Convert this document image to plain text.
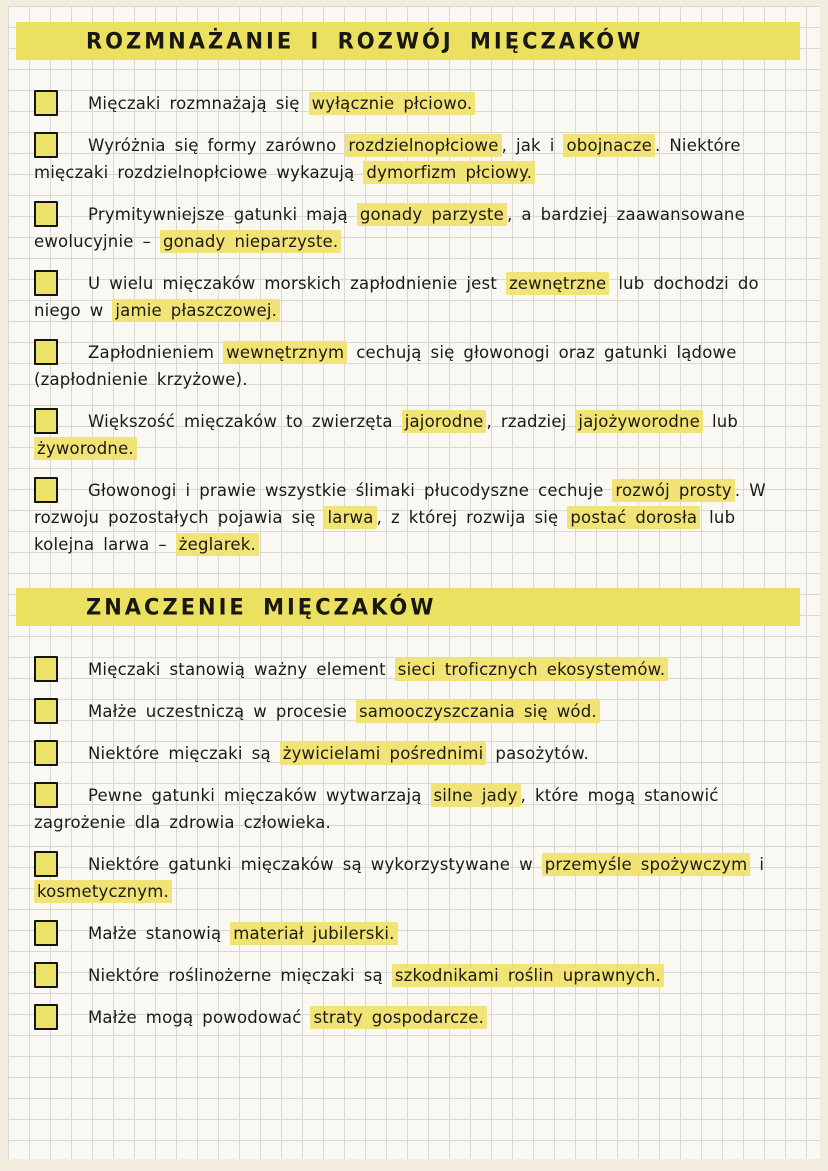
ROZMNAŻANIE I ROZWÓJ MIĘCZAKÓW
Mięczaki rozmnażają się wyłącznie płciowo.
Wyróżnia się formy zarówno rozdzielnopłciowe , jak i obojnacze . Niektóre mięczaki rozdzielnopłciowe wykazują dymorfizm płciowy.
Prymitywniejsze gatunki mają gonady parzyste , a bardziej zaawansowane ewolucyjnie – gonady nieparzyste.
U wielu mięczaków morskich zapłodnienie jest zewnętrzne lub dochodzi do niego w jamie płaszczowej.
Zapłodnieniem wewnętrznym cechują się głowonogi oraz gatunki lądowe (zapłodnienie krzyżowe).
Większość mięczaków to zwierzęta jajorodne , rzadziej jajożyworodne lub żyworodne.
Głowonogi i prawie wszystkie ślimaki płucodyszne cechuje rozwój prosty . W rozwoju pozostałych pojawia się larwa , z której rozwija się postać dorosła lub kolejna larwa – żeglarek.
ZNACZENIE MIĘCZAKÓW
Mięczaki stanowią ważny element sieci troficznych ekosystemów.
Małże uczestniczą w procesie samooczyszczania się wód.
Niektóre mięczaki są żywicielami pośrednimi pasożytów.
Pewne gatunki mięczaków wytwarzają silne jady , które mogą stanowić zagrożenie dla zdrowia człowieka.
Niektóre gatunki mięczaków są wykorzystywane w przemyśle spożywczym i kosmetycznym.
Małże stanowią materiał jubilerski.
Niektóre roślinożerne mięczaki są szkodnikami roślin uprawnych.
Małże mogą powodować straty gospodarcze.
